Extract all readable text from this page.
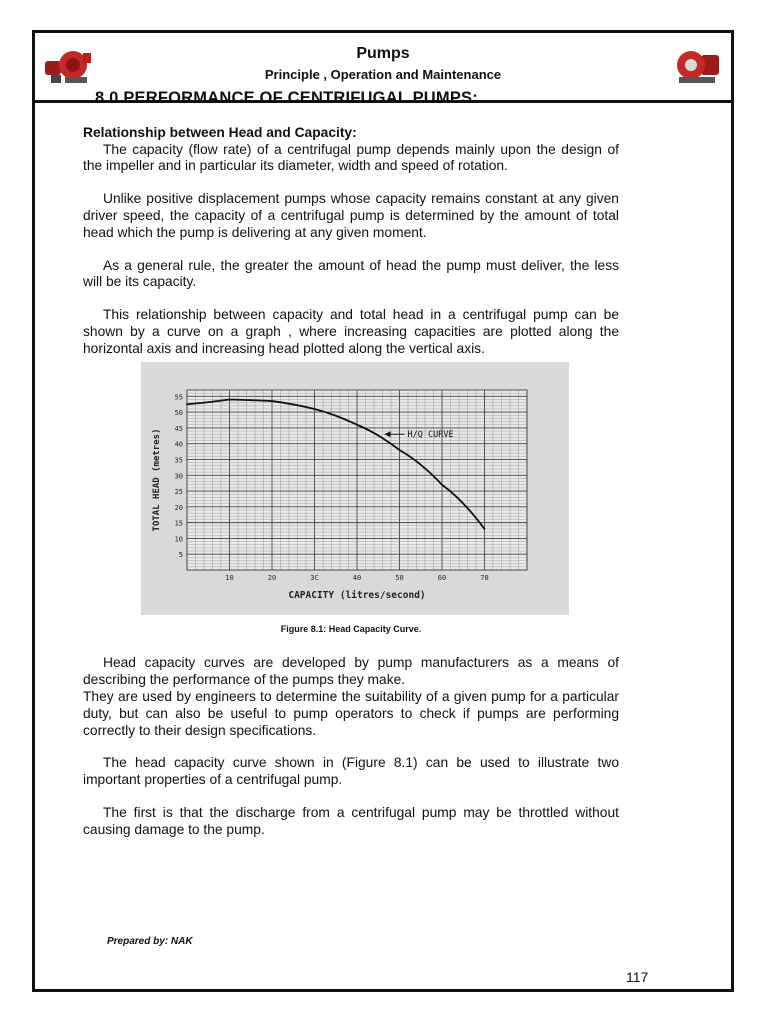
Pumps
Principle , Operation and Maintenance
117
8.0 PERFORMANCE OF CENTRIFUGAL PUMPS:
Relationship between Head and Capacity:

The capacity (flow rate) of a centrifugal pump depends mainly upon the design of the impeller and in particular its diameter, width and speed of rotation.

Unlike positive displacement pumps whose capacity remains constant at any given driver speed, the capacity of a centrifugal pump is determined by the amount of total head which the pump is delivering at any given moment.

As a general rule, the greater the amount of head the pump must deliver, the less will be its capacity.

This relationship between capacity and total head in a centrifugal pump can be shown by a curve on a graph , where increasing capacities are plotted along the horizontal axis and increasing head plotted along the vertical axis.

5
10
15
20
25
30
35
40
45
50
55
10	20	3C	40	50	60	70
CAPACITY (litres/second)
TOTAL HEAD (metres)	H/Q CURVE
Figure 8.1: Head Capacity Curve.

Head capacity curves are developed by pump manufacturers as a means of describing the performance of the pumps they make.

They are used by engineers to determine the suitability of a given pump for a particular duty, but can also be useful to pump operators to check if pumps are performing correctly to their design specifications.

The head capacity curve shown in (Figure 8.1) can be used to illustrate two important properties of a centrifugal pump.

The first is that the discharge from a centrifugal pump may be throttled without causing damage to the pump.

Prepared by: NAK
